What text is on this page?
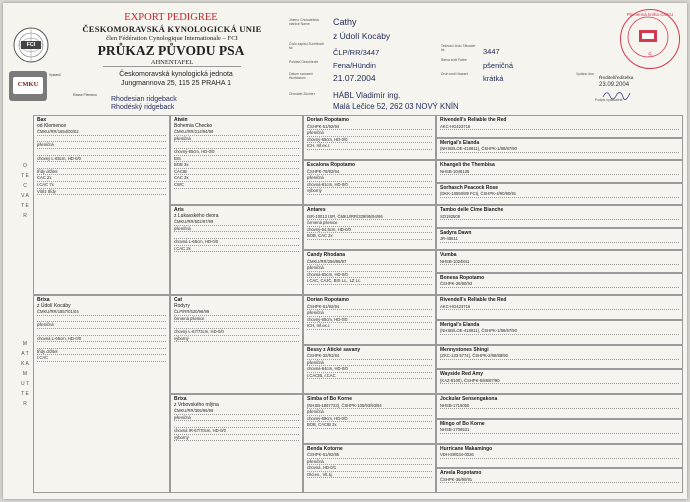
EXPORT PEDIGREE
ČESKOMORAVSKÁ KYNOLOGICKÁ UNIE
člen Fédération Cynologique Internationale – FCI
PRŮKAZ PŮVODU PSA
AHNENTAFEL
Českomoravská kynologická jednota
Jungmannova 25, 115 25 PRAHA 1
Vystavil
Rasse Plemeno
Rhodesian ridgeback
Rhodéský ridgeback
FCI
CMKU
Jméno Chovatelská stanice Name
Číslo zápisu Zuchtbuch Nr.
Pohlaví Geschlecht
Datum narození Wurfdatum
Chovatel Züchter
Cathy
z Údolí Kocáby
ČLP/RR/3447
Fena/Hündin
21.07.2004
HÁBL Vladimír ing.
Malá Lečice 52, 262 03 NOVÝ KNÍN
Tetovací číslo Tätowier Nr.
Barva srsti Farbe
Druh srsti Haarart
3447
pšeničná
krátká	Vydáno dne
Ředitel/ředitelka
23.09.2004
Podpis vydavatele
Plemenná kniha ČMKU
5
O T E C V A T E R
M A T K A M U T T E R
Bax
od Klemence
ČMKU/RR/1654/00/02

pšeničná

chovný L-65cm, HD-0/0

třídy držitel
CAC 2x
r.CAC 7x
Vítěz třídy
Atwin
Bohemia Checko
ČMKU/RR/214/94/99
pšeničná

chovný-65cm, HD-0/0
BIS
BOB 3x
CACIB
CAC 3x
CWC
Aris
z Lukavského dvora
ČMKU/RR/502/97/99
pšeničná

chovná L-65cm, HD-0/0
r.CAC 2x
Dorian Ropotamo
ČSHPK-51/92/94
pšeničná
chovný-65cm, HD-0/0
ICH, Inf.ex.r.
Escalona Ropotamo
ČSHPK-78/92/94
pšeničná
chovná-61cm, HD-0/0
výborný
Antares
ISR-10012 ISR, ČMKU/RR/339/95/94/96
červená pšenice
chovný-64,5cm, HD-0/0
BOB, CAC 2x
Candy Rhodana
ČMKU/RR/256/95/97
pšeničná
chovná-65cm, HD-0/0
r.CAC, CAJC, BIS Lc., LZ Lc.
Rivendell's Reliable the Red
AKC-HG423716
Merigal's Elanda
(NHSB/LOE-418811), ČSHPK-1/88/87/90
Khangeli the Thembisa
NHSB-1048135
Sorhasch Peacock Rose
(DKK-10550/89 FCI), ČSHPK-4/90/90/91
Tambo delle Cime Bianche
SO192509
Sadyra Dawn
JR-48611
Vumba
NHSB-1024841
Bonesa Ropotamo
ČSHPK-26/90/93
Brixa
z Údolí Kocáby
ČMKU/RR/1857/01/04

pšeničná

chovná L-65cm, HD-0/0

třídy držitel
r.CAC
Cat
Rodyry
ČLP/RR/520/96/99
červená pšenice

chovný L-67/73cm, HD-0/0
výborný
Brixa
z Vrbovského mlýna
ČMKU/RR/305/96/99
pšeničná

chovná IR-67/70cm, HD-0/0
výborný
Dorian Ropotamo
ČSHPK-51/92/94
pšeničná
chovný-65cm, HD-0/0
ICH, Inf.ex.r.
Bessy z Atické savany
ČSHPK-32/91/94
pšeničná
chovná-64cm, HD-0/0
r.CACIB, r.CAC
Simba of Bo Korne
(NHSB-1867723), ČSHPK-105/93/93/94
pšeničná
chovný-69cm, HD-0/0
BOB, CACIB 2x
Benda Kotorne
ČSHPK-51/92/95
pšeničná
chovná, HD-0/1
Old.ex., Vit.sj.
Rivendell's Reliable the Red
AKC-HG423716
Merigal's Elanda
(NHSB/LOE-418811), ČSHPK-1/88/87/90
Mennystones Shingi
(ZKC-133 5774), ČSHPK-2/89/88/90
Wayside Red Amy
(KAZ-8100), ČSHPK-5/88/87/90
Jockular Sensengakona
NHSB-1715050
Mingo of Bo Korne
NHSB-1708531
Hurricane Makamingo
VDH-89/034-0026
Arvela Ropotamo
ČSHPK-36/90/91
